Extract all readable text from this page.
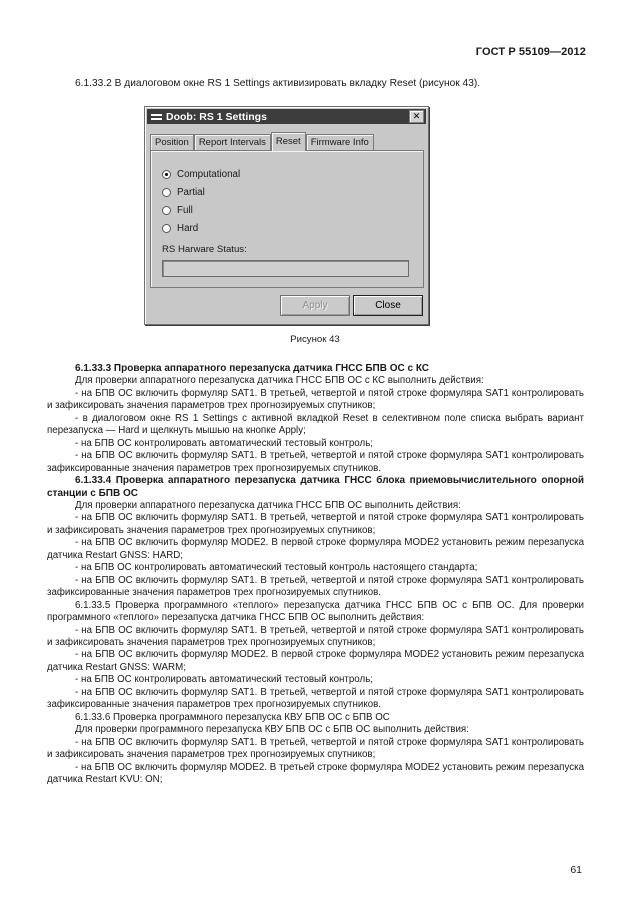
ГОСТ Р 55109—2012
6.1.33.2 В диалоговом окне RS 1 Settings активизировать вкладку Reset (рисунок 43).
Doob: RS 1 Settings	✕
Position	Report Intervals	Reset	Firmware Info
Computational
Partial
Full
Hard
RS Harware Status:
Apply	Close
Рисунок 43

6.1.33.3 Проверка аппаратного перезапуска датчика ГНСС БПВ ОС с КС

Для проверки аппаратного перезапуска датчика ГНСС БПВ ОС с КС выполнить действия:

- на БПВ ОС включить формуляр SAT1. В третьей, четвертой и пятой строке формуляра SAT1 контролировать и зафиксировать значения параметров трех прогнозируемых спутников;

- в диалоговом окне RS 1 Settings с активной вкладкой Reset в селективном поле списка выбрать вариант перезапуска — Hard и щелкнуть мышью на кнопке Apply;

- на БПВ ОС контролировать автоматический тестовый контроль;

- на БПВ ОС включить формуляр SAT1. В третьей, четвертой и пятой строке формуляра SAT1 контролировать зафиксированные значения параметров трех прогнозируемых спутников.

6.1.33.4 Проверка аппаратного перезапуска датчика ГНСС блока приемовычислительного опорной станции с БПВ ОС

Для проверки аппаратного перезапуска датчика ГНСС БПВ ОС выполнить действия:

- на БПВ ОС включить формуляр SAT1. В третьей, четвертой и пятой строке формуляра SAT1 контролировать и зафиксировать значения параметров трех прогнозируемых спутников;

- на БПВ ОС включить формуляр MODE2. В первой строке формуляра MODE2 установить режим перезапуска датчика Restart GNSS: HARD;

- на БПВ ОС контролировать автоматический тестовый контроль настоящего стандарта;

- на БПВ ОС включить формуляр SAT1. В третьей, четвертой и пятой строке формуляра SAT1 контролировать зафиксированные значения параметров трех прогнозируемых спутников.

6.1.33.5 Проверка программного «теплого» перезапуска датчика ГНСС БПВ ОС с БПВ ОС. Для проверки программного «теплого» перезапуска датчика ГНСС БПВ ОС выполнить действия:

- на БПВ ОС включить формуляр SAT1. В третьей, четвертой и пятой строке формуляра SAT1 контролировать и зафиксировать значения параметров трех прогнозируемых спутников;

- на БПВ ОС включить формуляр MODE2. В первой строке формуляра MODE2 установить режим перезапуска датчика Restart GNSS: WARM;

- на БПВ ОС контролировать автоматический тестовый контроль;

- на БПВ ОС включить формуляр SAT1. В третьей, четвертой и пятой строке формуляра SAT1 контролировать зафиксированные значения параметров трех прогнозируемых спутников.

6.1.33.6 Проверка программного перезапуска КВУ БПВ ОС с БПВ ОС

Для проверки программного перезапуска КВУ БПВ ОС с БПВ ОС выполнить действия:

- на БПВ ОС включить формуляр SAT1. В третьей, четвертой и пятой строке формуляра SAT1 контролировать и зафиксировать значения параметров трех прогнозируемых спутников;

- на БПВ ОС включить формуляр MODE2. В третьей строке формуляра MODE2 установить режим перезапуска датчика Restart KVU: ON;

61
